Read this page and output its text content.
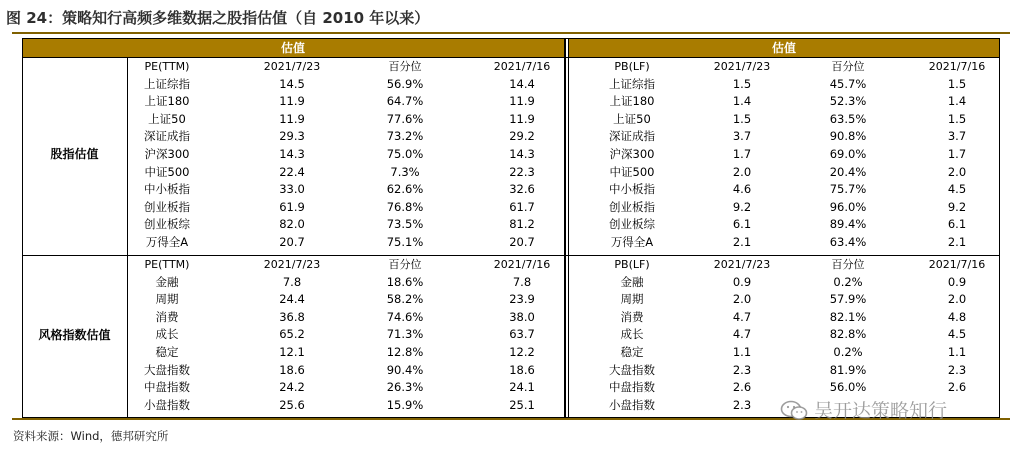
图 24：策略知行高频多维数据之股指估值（自 2010 年以来）
估值	估值
股指估值
PE(TTM)	2021/7/23	百分位	2021/7/16	PB(LF)	2021/7/23	百分位	2021/7/16
上证综指	14.5	56.9%	14.4	上证综指	1.5	45.7%	1.5
上证180	11.9	64.7%	11.9	上证180	1.4	52.3%	1.4
上证50	11.9	77.6%	11.9	上证50	1.5	63.5%	1.5
深证成指	29.3	73.2%	29.2	深证成指	3.7	90.8%	3.7
沪深300	14.3	75.0%	14.3	沪深300	1.7	69.0%	1.7
中证500	22.4	7.3%	22.3	中证500	2.0	20.4%	2.0
中小板指	33.0	62.6%	32.6	中小板指	4.6	75.7%	4.5
创业板指	61.9	76.8%	61.7	创业板指	9.2	96.0%	9.2
创业板综	82.0	73.5%	81.2	创业板综	6.1	89.4%	6.1
万得全A	20.7	75.1%	20.7	万得全A	2.1	63.4%	2.1
风格指数估值
PE(TTM)	2021/7/23	百分位	2021/7/16	PB(LF)	2021/7/23	百分位	2021/7/16
金融	7.8	18.6%	7.8	金融	0.9	0.2%	0.9
周期	24.4	58.2%	23.9	周期	2.0	57.9%	2.0
消费	36.8	74.6%	38.0	消费	4.7	82.1%	4.8
成长	65.2	71.3%	63.7	成长	4.7	82.8%	4.5
稳定	12.1	12.8%	12.2	稳定	1.1	0.2%	1.1
大盘指数	18.6	90.4%	18.6	大盘指数	2.3	81.9%	2.3
中盘指数	24.2	26.3%	24.1	中盘指数	2.6	56.0%	2.6
小盘指数	25.6	15.9%	25.1	小盘指数	2.3
资料来源：Wind，德邦研究所
吴开达策略知行
